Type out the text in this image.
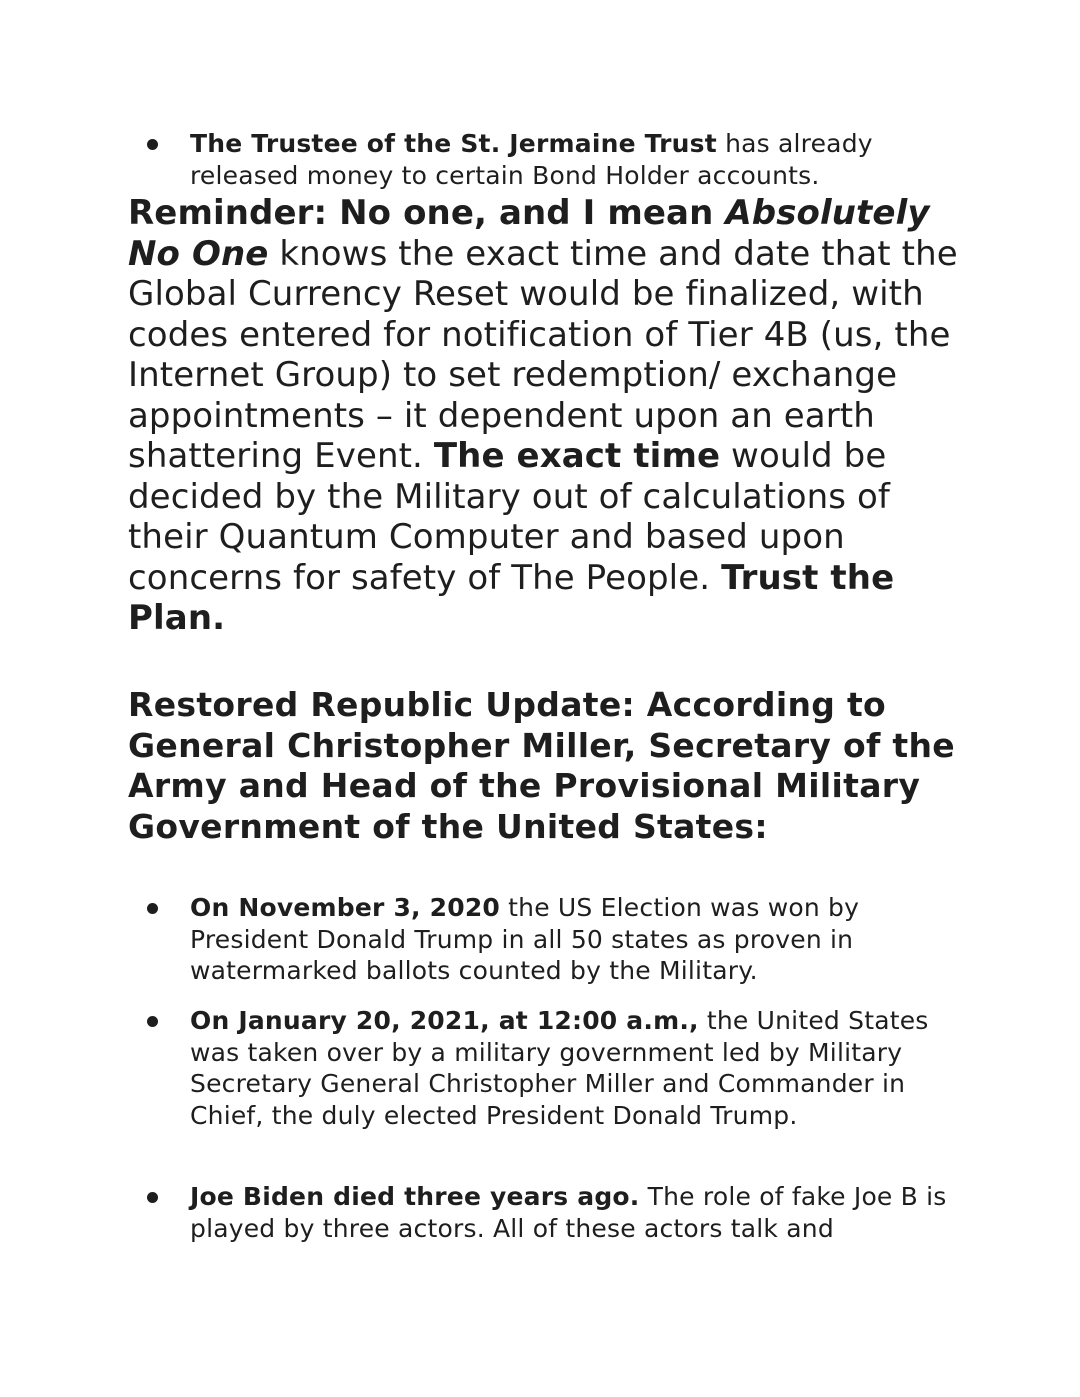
The Trustee of the St. Jermaine Trust has already released money to certain Bond Holder accounts.
Reminder: No one, and I mean Absolutely No One knows the exact time and date that the Global Currency Reset would be finalized, with codes entered for notification of Tier 4B (us, the Internet Group) to set redemption/ exchange appointments – it dependent upon an earth shattering Event. The exact time would be decided by the Military out of calculations of their Quantum Computer and based upon concerns for safety of The People. Trust the Plan.
Restored Republic Update: According to General Christopher Miller, Secretary of the Army and Head of the Provisional Military Government of the United States:
On November 3, 2020 the US Election was won by President Donald Trump in all 50 states as proven in watermarked ballots counted by the Military.
On January 20, 2021, at 12:00 a.m., the United States was taken over by a military government led by Military Secretary General Christopher Miller and Commander in Chief, the duly elected President Donald Trump.
Joe Biden died three years ago. The role of fake Joe B is played by three actors. All of these actors talk and
